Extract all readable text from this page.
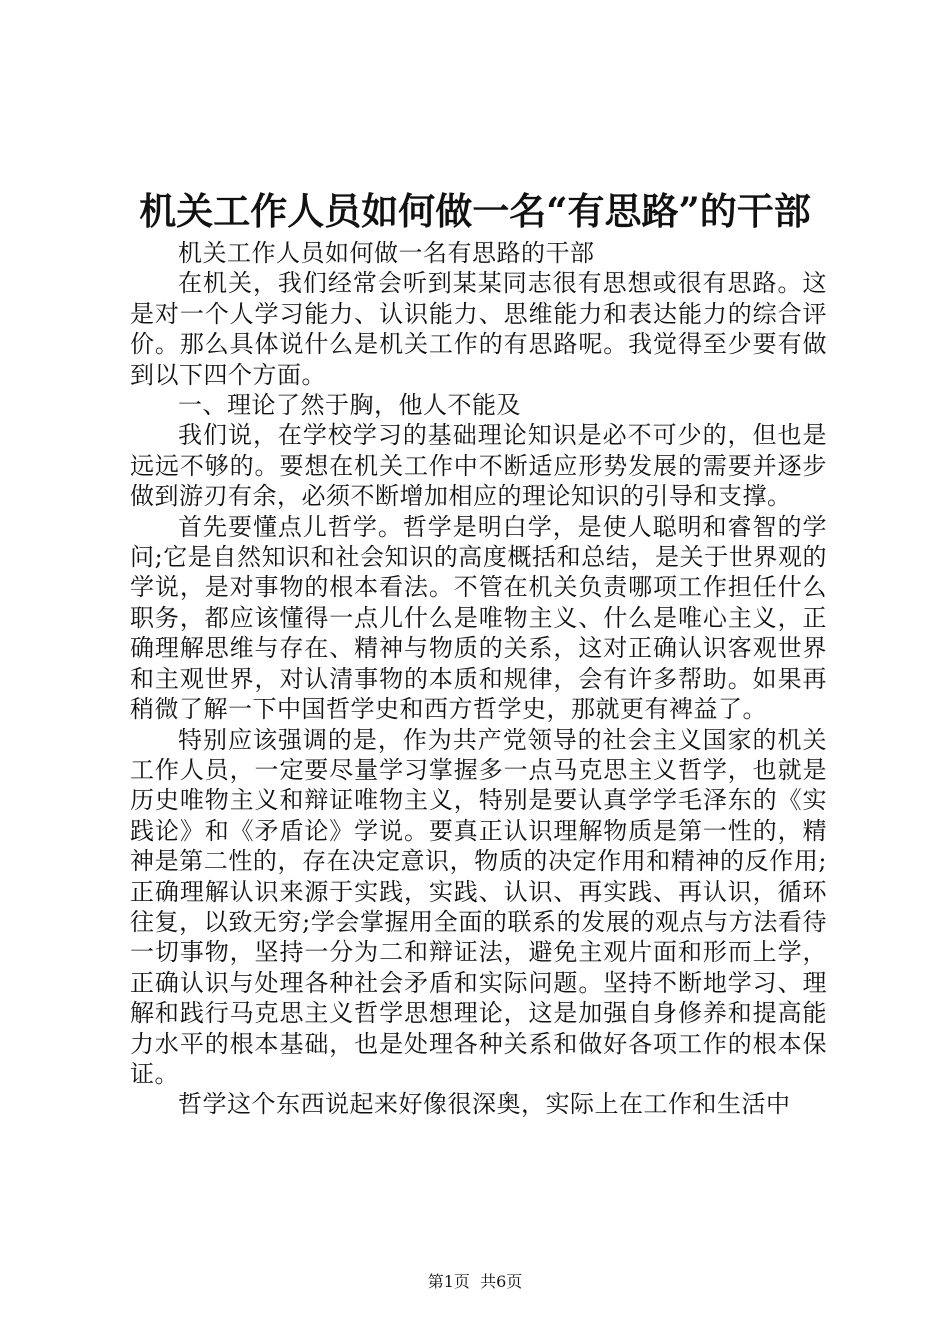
机关工作人员如何做一名“有思路”的干部

机关工作人员如何做一名有思路的干部

在机关，我们经常会听到某某同志很有思想或很有思路。这是对一个人学习能力、认识能力、思维能力和表达能力的综合评价。那么具体说什么是机关工作的有思路呢。我觉得至少要有做到以下四个方面。

一、理论了然于胸，他人不能及

我们说，在学校学习的基础理论知识是必不可少的，但也是远远不够的。要想在机关工作中不断适应形势发展的需要并逐步做到游刃有余，必须不断增加相应的理论知识的引导和支撑。

首先要懂点儿哲学。哲学是明白学，是使人聪明和睿智的学问;它是自然知识和社会知识的高度概括和总结，是关于世界观的学说，是对事物的根本看法。不管在机关负责哪项工作担任什么职务，都应该懂得一点儿什么是唯物主义、什么是唯心主义，正确理解思维与存在、精神与物质的关系，这对正确认识客观世界和主观世界，对认清事物的本质和规律，会有许多帮助。如果再稍微了解一下中国哲学史和西方哲学史，那就更有裨益了。

特别应该强调的是，作为共产党领导的社会主义国家的机关工作人员，一定要尽量学习掌握多一点马克思主义哲学，也就是历史唯物主义和辩证唯物主义，特别是要认真学学毛泽东的《实践论》和《矛盾论》学说。要真正认识理解物质是第一性的，精神是第二性的，存在决定意识，物质的决定作用和精神的反作用;正确理解认识来源于实践，实践、认识、再实践、再认识，循环往复，以致无穷;学会掌握用全面的联系的发展的观点与方法看待一切事物，坚持一分为二和辩证法，避免主观片面和形而上学，正确认识与处理各种社会矛盾和实际问题。坚持不断地学习、理解和践行马克思主义哲学思想理论，这是加强自身修养和提高能力水平的根本基础，也是处理各种关系和做好各项工作的根本保证。

哲学这个东西说起来好像很深奥，实际上在工作和生活中

第1页  共6页
